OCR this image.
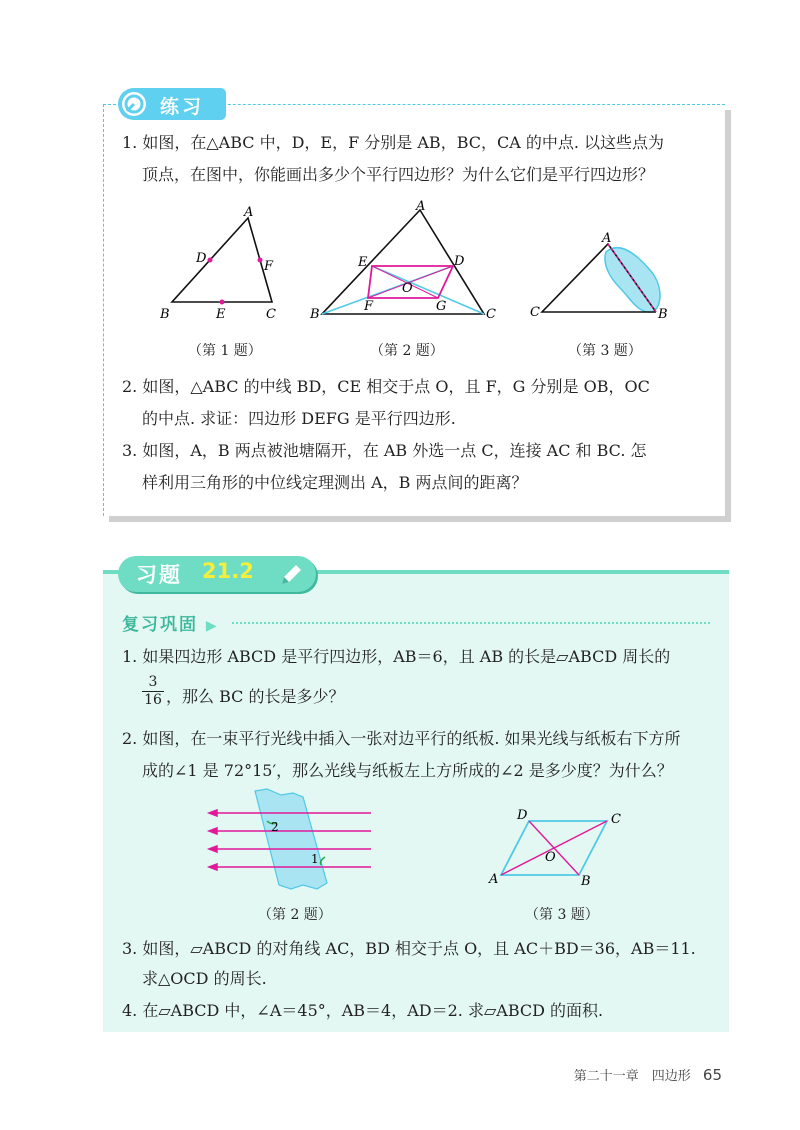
练习
1. 如图，在△ABC 中，D，E，F 分别是 AB，BC，CA 的中点. 以这些点为
顶点，在图中，你能画出多少个平行四边形？为什么它们是平行四边形？
A
B	C
D
F
E
（第 1 题）
A
B	C
D
E
F	G
O
（第 2 题）
A
C	B
（第 3 题）
2. 如图，△ABC 的中线 BD，CE 相交于点 O，且 F，G 分别是 OB，OC
的中点. 求证：四边形 DEFG 是平行四边形.
3. 如图，A，B 两点被池塘隔开，在 AB 外选一点 C，连接 AC 和 BC. 怎
样利用三角形的中位线定理测出 A，B 两点间的距离？
习题 21.2
复习巩固 ▶
1. 如果四边形 ABCD 是平行四边形，AB＝6，且 AB 的长是▱ABCD 周长的
$\frac{3}{16}$ ，那么 BC 的长是多少？
2. 如图，在一束平行光线中插入一张对边平行的纸板. 如果光线与纸板右下方所
成的∠1 是 72°15′，那么光线与纸板左上方所成的∠2 是多少度？为什么？
2
1
（第 2 题）
A	B
C
D
O
（第 3 题）
3. 如图，▱ABCD 的对角线 AC，BD 相交于点 O，且 AC＋BD＝36，AB＝11.
求△OCD 的周长.
4. 在▱ABCD 中，∠A＝45°，AB＝4，AD＝2. 求▱ABCD 的面积.
第二十一章　四边形 65
